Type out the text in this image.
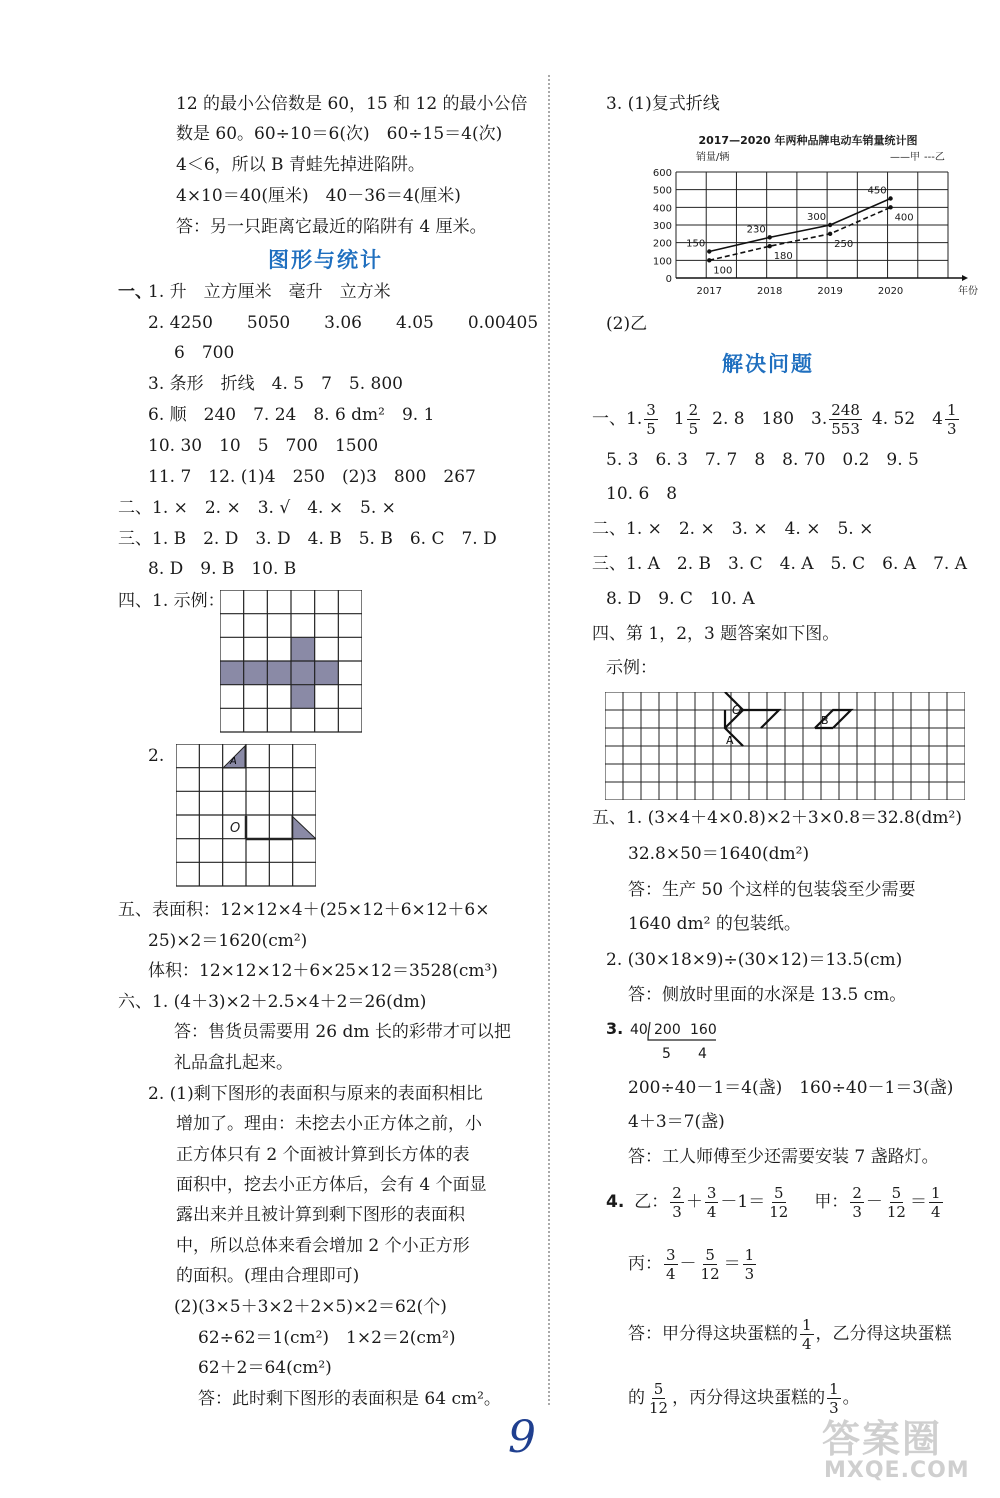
12 的最小公倍数是 60，15 和 12 的最小公倍
数是 60。60÷10＝6(次)　60÷15＝4(次)
4＜6，所以 B 青蛙先掉进陷阱。
4×10＝40(厘米)　40－36＝4(厘米)
答：另一只距离它最近的陷阱有 4 厘米。
图形与统计
一、
1. 升　立方厘米　毫升　立方米
2. 4250　　5050　　3.06　　4.05　　0.00405
6　700
3. 条形　折线　4. 5　7　5. 800
6. 顺　240　7. 24　8. 6 dm²　9. 1
10. 30　10　5　700　1500
11. 7　12. (1)4　250　(2)3　800　267
二、1. ×　2. ×　3. √　4. ×　5. ×
三、1. B　2. D　3. D　4. B　5. B　6. C　7. D
8. D　9. B　10. B
四、1. 示例：
2.	A
O
五、表面积：12×12×4＋(25×12＋6×12＋6×
25)×2＝1620(cm²)
体积：12×12×12＋6×25×12＝3528(cm³)
六、1. (4＋3)×2＋2.5×4＋2＝26(dm)
答：售货员需要用 26 dm 长的彩带才可以把
礼品盒扎起来。
2. (1)剩下图形的表面积与原来的表面积相比
增加了。理由：未挖去小正方体之前，小
正方体只有 2 个面被计算到长方体的表
面积中，挖去小正方体后，会有 4 个面显
露出来并且被计算到剩下图形的表面积
中，所以总体来看会增加 2 个小正方形
的面积。(理由合理即可)
(2)(3×5＋3×2＋2×5)×2＝62(个)
62÷62＝1(cm²)　1×2＝2(cm²)
62＋2＝64(cm²)
答：此时剩下图形的表面积是 64 cm²。
3. (1)复式折线
2017—2020 年两种品牌电动车销量统计图
销量/辆	——甲 ---乙
年份
0
100
200
300
400
500
600
2017	2018	2019	2020
150
230
300
450
100
180
250
400
(2)乙
解决问题
一、1. $\frac{3}{5} 1 \frac{2}{5} 2$. 8　180　3. $\frac{248}{553} 4$. 52　$4 \frac{1}{3}$
5. 3　6. 3　7. 7　8　8. 70　0.2　9. 5
10. 6　8
二、1. ×　2. ×　3. ×　4. ×　5. ×
三、1. A　2. B　3. C　4. A　5. C　6. A　7. A
8. D　9. C　10. A
四、第 1，2，3 题答案如下图。
示例：
O
A
B
五、1. (3×4＋4×0.8)×2＋3×0.8＝32.8(dm²)
32.8×50＝1640(dm²)
答：生产 50 个这样的包装袋至少需要
1640 dm² 的包装纸。
2. (30×18×9)÷(30×12)＝13.5(cm)
答：侧放时里面的水深是 13.5 cm。
3. 40 200 160
5 4
200÷40－1＝4(盏)　160÷40－1＝3(盏)
4＋3＝7(盏)
答：工人师傅至少还需要安装 7 盏路灯。
4. 乙： $\frac{2}{3} + \frac{3}{4} -1= \frac{5}{12}$ 甲： $\frac{2}{3} - \frac{5}{12} = \frac{1}{4}$
丙： $\frac{3}{4} - \frac{5}{12} = \frac{1}{3}$
答：甲分得这块蛋糕的 $\frac{1}{4}$ ，乙分得这块蛋糕
的 $\frac{5}{12}$ ，丙分得这块蛋糕的 $\frac{1}{3}$ 。
9	答案圈
MXQE.COM
